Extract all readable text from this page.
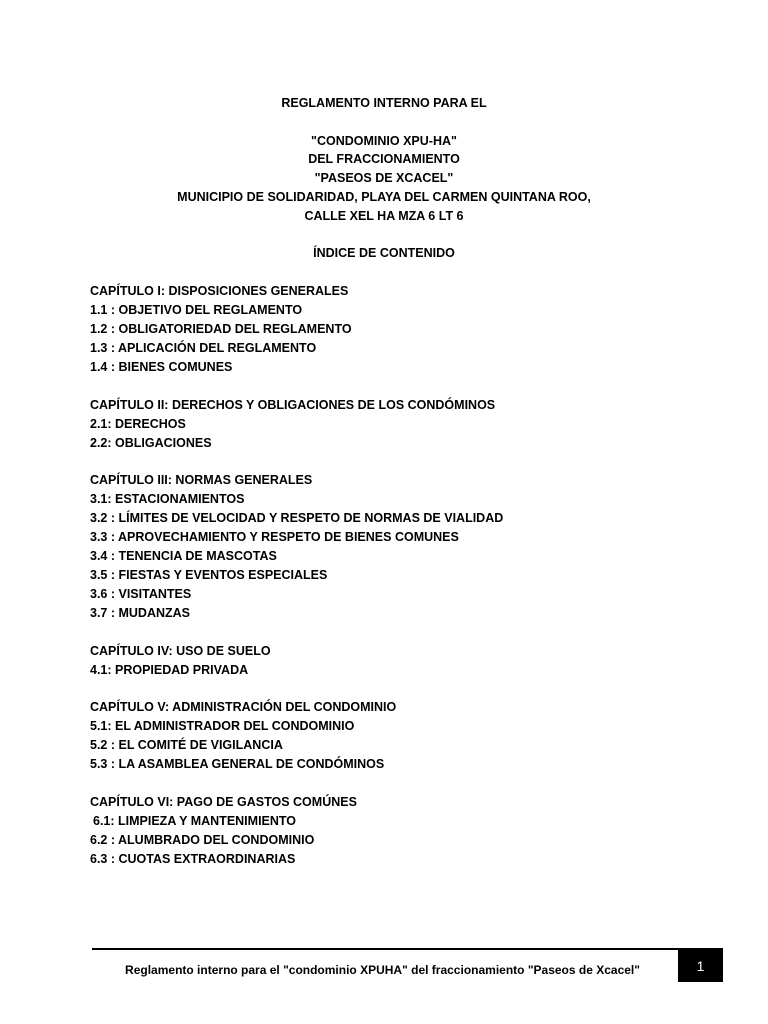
REGLAMENTO INTERNO PARA EL
"CONDOMINIO XPU-HA"
DEL FRACCIONAMIENTO
"PASEOS DE XCACEL"
MUNICIPIO DE SOLIDARIDAD, PLAYA DEL CARMEN QUINTANA ROO,
CALLE XEL HA MZA 6 LT 6
ÍNDICE DE CONTENIDO
CAPÍTULO I: DISPOSICIONES GENERALES
1.1 : OBJETIVO DEL REGLAMENTO
1.2 : OBLIGATORIEDAD DEL REGLAMENTO
1.3 : APLICACIÓN DEL REGLAMENTO
1.4 : BIENES COMUNES
CAPÍTULO II: DERECHOS Y OBLIGACIONES DE LOS CONDÓMINOS
2.1: DERECHOS
2.2: OBLIGACIONES
CAPÍTULO III: NORMAS GENERALES
3.1: ESTACIONAMIENTOS
3.2 : LÍMITES DE VELOCIDAD Y RESPETO DE NORMAS DE VIALIDAD
3.3 : APROVECHAMIENTO Y RESPETO DE BIENES COMUNES
3.4 : TENENCIA DE MASCOTAS
3.5 : FIESTAS Y EVENTOS ESPECIALES
3.6 : VISITANTES
3.7 : MUDANZAS
CAPÍTULO IV: USO DE SUELO
4.1: PROPIEDAD PRIVADA
CAPÍTULO V: ADMINISTRACIÓN DEL CONDOMINIO
5.1: EL ADMINISTRADOR DEL CONDOMINIO
5.2 : EL COMITÉ DE VIGILANCIA
5.3 : LA ASAMBLEA GENERAL DE CONDÓMINOS
CAPÍTULO VI: PAGO DE GASTOS COMÚNES
6.1: LIMPIEZA Y MANTENIMIENTO
6.2 : ALUMBRADO DEL CONDOMINIO
6.3 : CUOTAS EXTRAORDINARIAS
Reglamento interno para el "condominio XPUHA" del fraccionamiento "Paseos de Xcacel"	1
